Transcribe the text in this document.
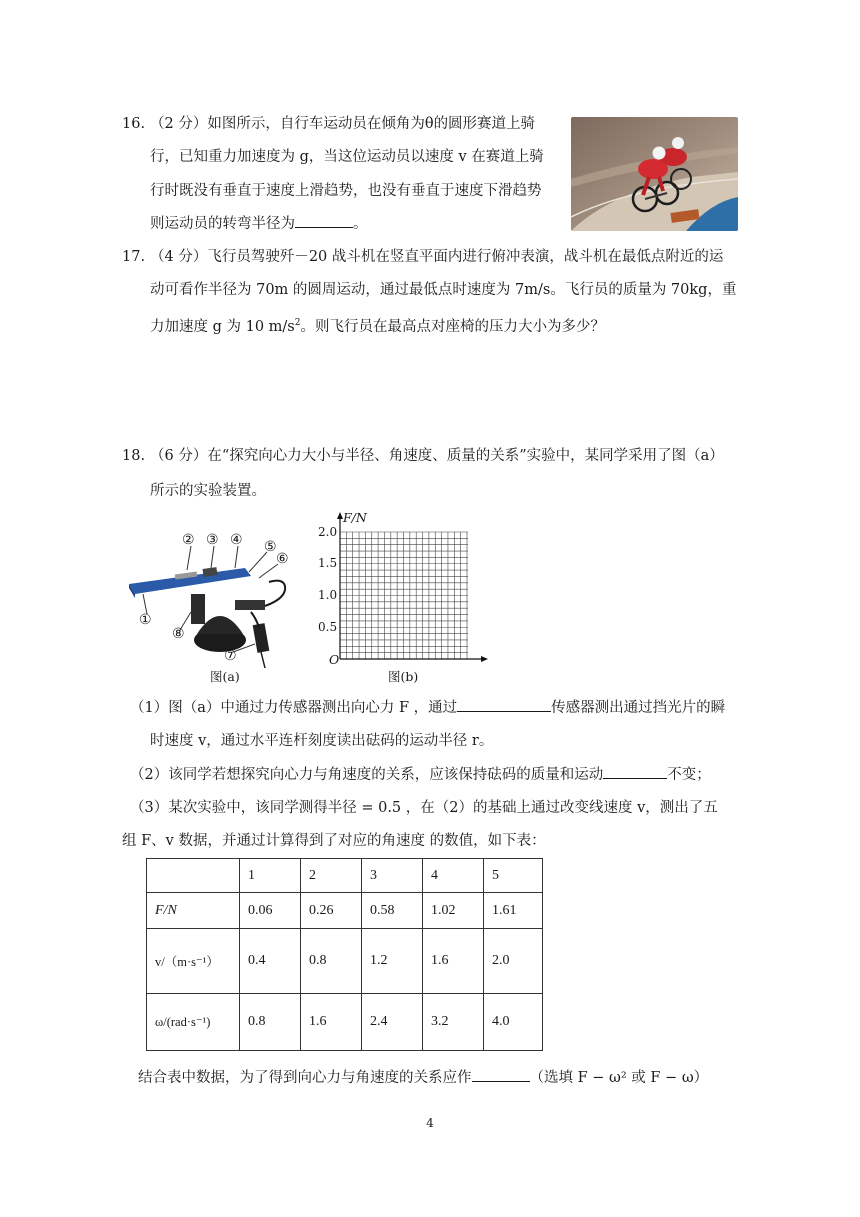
16. （2 分）如图所示，自行车运动员在倾角为θ的圆形赛道上骑
行，已知重力加速度为 g，当这位运动员以速度 v 在赛道上骑
行时既没有垂直于速度上滑趋势，也没有垂直于速度下滑趋势
则运动员的转弯半径为	。
17. （4 分）飞行员驾驶歼－20 战斗机在竖直平面内进行俯冲表演，战斗机在最低点附近的运
动可看作半径为 70m 的圆周运动，通过最低点时速度为 7m/s。飞行员的质量为 70kg，重
力加速度 g 为 10 $m/s^2$。则飞行员在最高点对座椅的压力大小为多少？
18. （6 分）在“探究向心力大小与半径、角速度、质量的关系”实验中，某同学采用了图（a）
所示的实验装置。
② ③ ④ ⑤
⑥
①
⑧
⑦
图(a)
F/N
2.0
1.5
1.0
0.5
O
图(b)
（1）图（a）中通过力传感器测出向心力 F ，通过	传感器测出通过挡光片的瞬
时速度 v，通过水平连杆刻度读出砝码的运动半径 r。
（2）该同学若想探究向心力与角速度的关系，应该保持砝码的质量和运动	不变；
（3）某次实验中，该同学测得半径 = 0.5 ，在（2）的基础上通过改变线速度 v，测出了五
组 F、v 数据，并通过计算得到了对应的角速度 的数值，如下表：
	1	2	3	4	5
F/N	0.06	0.26	0.58	1.02	1.61
v/（m·s⁻¹）	0.4	0.8	1.2	1.6	2.0
ω/(rad·s⁻¹)	0.8	1.6	2.4	3.2	4.0
结合表中数据，为了得到向心力与角速度的关系应作	（选填 F − ω² 或 F − ω）
4
